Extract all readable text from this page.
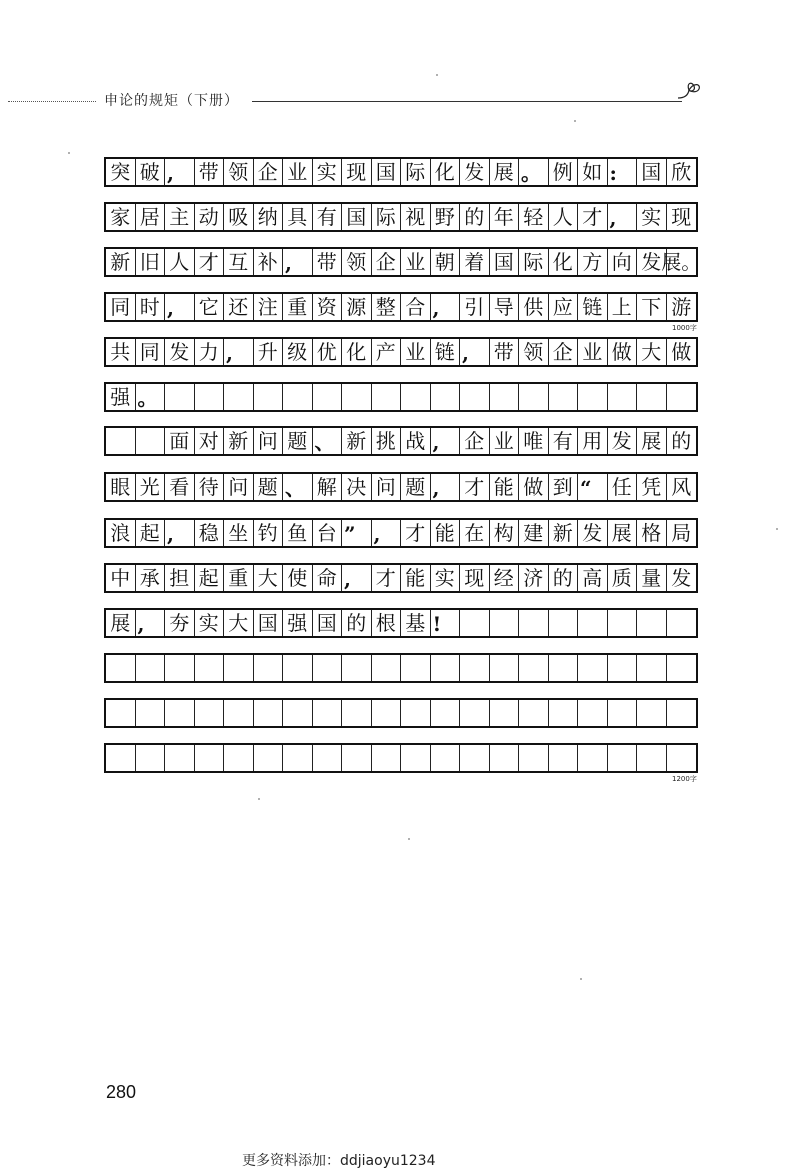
申论的规矩（下册）
突 破 ,	带 领 企 业 实 现 国 际 化 发 展 。 例 如 :	国 欣
家 居 主 动 吸 纳 具 有 国 际 视 野 的 年 轻 人 才 ,	实 现
新 旧 人 才 互 补 ,	带 领 企 业 朝 着 国 际 化 方 向 发 展。
同 时 ,	它 还 注 重 资 源 整 合 ,	引 导 供 应 链 上 下 游
共 同 发 力 ,	升 级 优 化 产 业 链 ,	带 领 企 业 做 大 做
强 。
面 对 新 问 题 、 新 挑 战 ,	企 业 唯 有 用 发 展 的
眼 光 看 待 问 题 、 解 决 问 题 ,	才 能 做 到 “	任 凭 风
浪 起 ,	稳 坐 钓 鱼 台 ” ,	才 能 在 构 建 新 发 展 格 局
中 承 担 起 重 大 使 命 ,	才 能 实 现 经 济 的 高 质 量 发
展 ,	夯 实 大 国 强 国 的 根 基 !
1000字
1200字
280
更多资料添加：ddjiaoyu1234
